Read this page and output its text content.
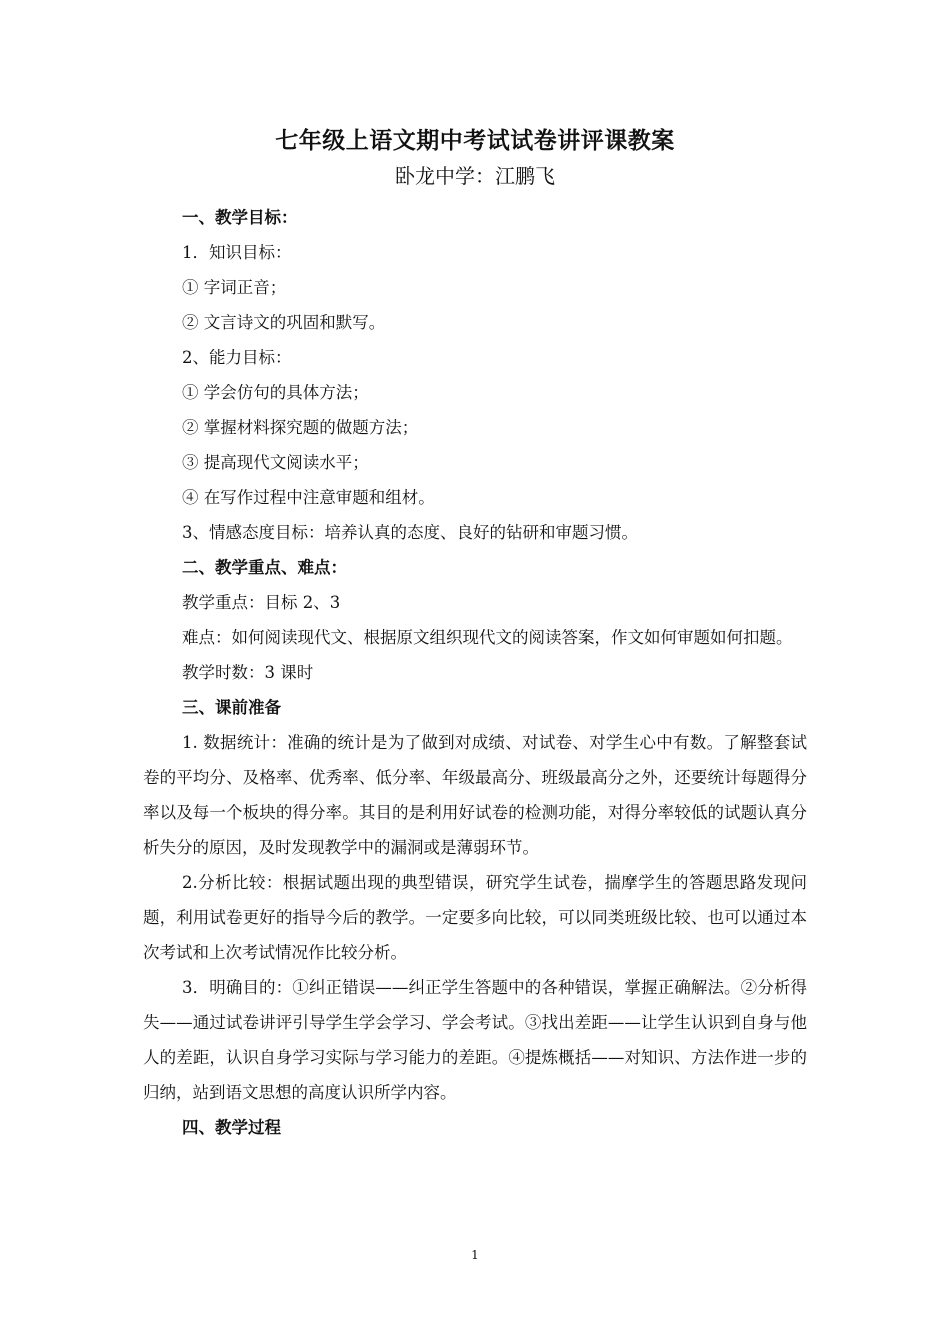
七年级上语文期中考试试卷讲评课教案
卧龙中学：江鹏飞

一、教学目标：

1．知识目标：

① 字词正音；

② 文言诗文的巩固和默写。

2、能力目标：

① 学会仿句的具体方法；

② 掌握材料探究题的做题方法；

③ 提高现代文阅读水平；

④ 在写作过程中注意审题和组材。

3、情感态度目标：培养认真的态度、良好的钻研和审题习惯。

二、教学重点、难点：

教学重点：目标 2、3

难点：如何阅读现代文、根据原文组织现代文的阅读答案，作文如何审题如何扣题。

教学时数：3 课时

三、课前准备

1. 数据统计：准确的统计是为了做到对成绩、对试卷、对学生心中有数。了解整套试卷的平均分、及格率、优秀率、低分率、年级最高分、班级最高分之外，还要统计每题得分率以及每一个板块的得分率。其目的是利用好试卷的检测功能，对得分率较低的试题认真分析失分的原因，及时发现教学中的漏洞或是薄弱环节。

2.分析比较：根据试题出现的典型错误，研究学生试卷，揣摩学生的答题思路发现问题，利用试卷更好的指导今后的教学。一定要多向比较，可以同类班级比较、也可以通过本次考试和上次考试情况作比较分析。

3．明确目的：①纠正错误——纠正学生答题中的各种错误，掌握正确解法。②分析得失——通过试卷讲评引导学生学会学习、学会考试。③找出差距——让学生认识到自身与他人的差距，认识自身学习实际与学习能力的差距。④提炼概括——对知识、方法作进一步的归纳，站到语文思想的高度认识所学内容。

四、教学过程

1
